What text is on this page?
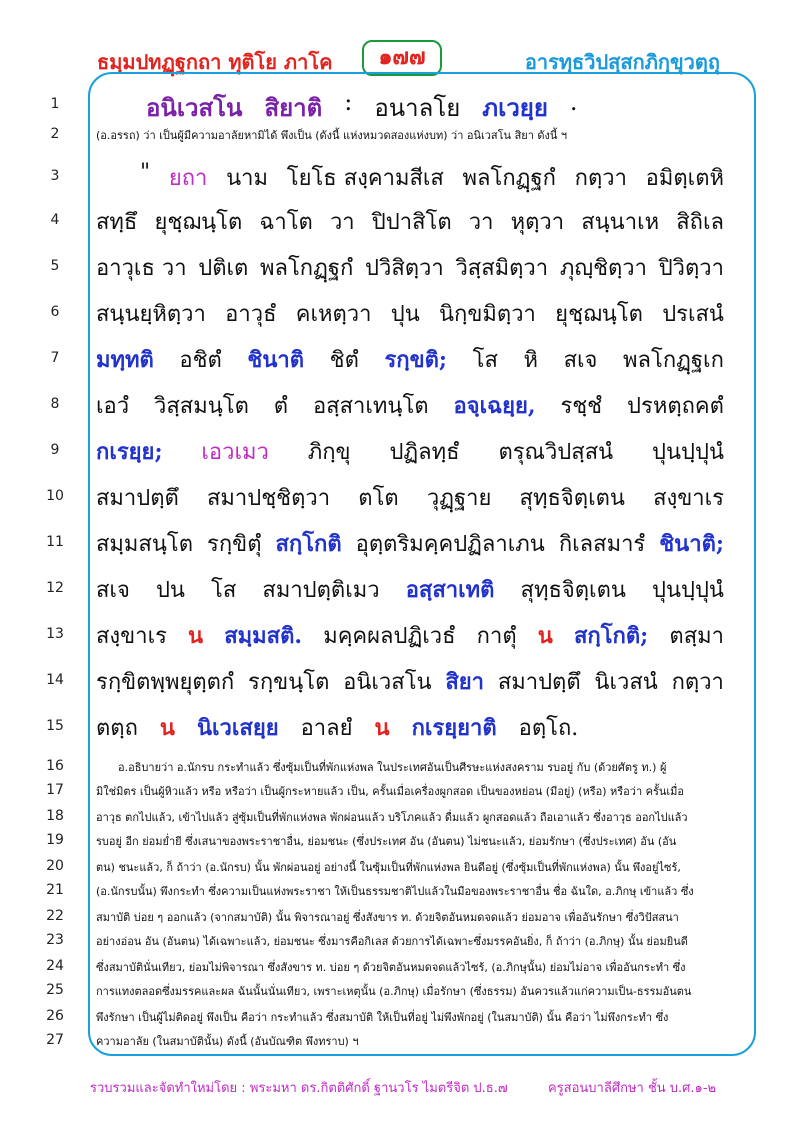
ธมฺมปทฏฺฐกถา ทุติโย ภาโค	๑๗๗	อารทฺธวิปสฺสกภิกฺขุวตฺถุ
1
2
3
4
5
6
7
8
9
10
11
12
13
14
15
16
17
18
19
20
21
22
23
24
25
26
27
อนิเวสโน สิยาติ : อนาลโย ภเวยฺย .
" ยถา นาม โยโธ สงฺคามสีเส พลโกฏฺฐกํ กตฺวา อมิตฺเตหิ
สทฺธึ ยุชฺฌนฺโต ฉาโต วา ปิปาสิโต วา หุตฺวา สนฺนาเห สิถิเล
อาวุเธ วา ปติเต พลโกฏฺฐกํ ปวิสิตฺวา วิสฺสมิตฺวา ภุญฺชิตฺวา ปิวิตฺวา
สนฺนยฺหิตฺวา อาวุธํ คเหตฺวา ปุน นิกฺขมิตฺวา ยุชฺฌนฺโต ปรเสนํ
มทฺทติ อชิตํ ชินาติ ชิตํ รกฺขติ; โส หิ สเจ พลโกฏฺฐเก
เอวํ วิสฺสมนฺโต ตํ อสฺสาเทนฺโต อจฺเฉยฺย, รชฺชํ ปรหตฺถคตํ
กเรยฺย; เอวเมว ภิกฺขุ ปฏิลทฺธํ ตรุณวิปสฺสนํ ปุนปฺปุนํ
สมาปตฺตึ สมาปชฺชิตฺวา ตโต วุฏฺฐาย สุทฺธจิตฺเตน สงฺขาเร
สมฺมสนฺโต รกฺขิตุํ สกฺโกติ อุตฺตริมคฺคปฏิลาเภน กิเลสมารํ ชินาติ;
สเจ ปน โส สมาปตฺติเมว อสฺสาเทติ สุทฺธจิตฺเตน ปุนปฺปุนํ
สงฺขาเร น สมฺมสติ. มคฺคผลปฏิเวธํ กาตุํ น สกฺโกติ; ตสฺมา
รกฺขิตพฺพยุตฺตกํ รกฺขนฺโต อนิเวสโน สิยา สมาปตฺตึ นิเวสนํ กตฺวา
ตตฺถ น นิเวเสยฺย อาลยํ น กเรยฺยาติ อตฺโถ.
(อ.อรรถ) ว่า เป็นผู้มีความอาลัยหามิได้ พึงเป็น (ดังนี้ แห่งหมวดสองแห่งบท) ว่า อนิเวสโน สิยา ดังนี้ ฯ
อ.อธิบายว่า อ.นักรบ กระทำแล้ว ซึ่งซุ้มเป็นที่พักแห่งพล ในประเทศอันเป็นศีรษะแห่งสงคราม รบอยู่ กับ (ด้วยศัตรู ท.) ผู้
มิใช่มิตร เป็นผู้หิวแล้ว หรือ หรือว่า เป็นผู้กระหายแล้ว เป็น, ครั้นเมื่อเครื่องผูกสอด เป็นของหย่อน (มีอยู่) (หรือ) หรือว่า ครั้นเมื่อ
อาวุธ ตกไปแล้ว, เข้าไปแล้ว สู่ซุ้มเป็นที่พักแห่งพล พักผ่อนแล้ว บริโภคแล้ว ดื่มแล้ว ผูกสอดแล้ว ถือเอาแล้ว ซึ่งอาวุธ ออกไปแล้ว
รบอยู่ อีก ย่อมย่ำยี ซึ่งเสนาของพระราชาอื่น, ย่อมชนะ (ซึ่งประเทศ อัน (อันตน) ไม่ชนะแล้ว, ย่อมรักษา (ซึ่งประเทศ) อัน (อัน
ตน) ชนะแล้ว, ก็ ถ้าว่า (อ.นักรบ) นั้น พักผ่อนอยู่ อย่างนี้ ในซุ้มเป็นที่พักแห่งพล ยินดีอยู่ (ซึ่งซุ้มเป็นที่พักแห่งพล) นั้น พึงอยู่ไซร้,
(อ.นักรบนั้น) พึงกระทำ ซึ่งความเป็นแห่งพระราชา ให้เป็นธรรมชาติไปแล้วในมือของพระราชาอื่น ชื่อ ฉันใด, อ.ภิกษุ เข้าแล้ว ซึ่ง
สมาบัติ บ่อย ๆ ออกแล้ว (จากสมาบัติ) นั้น พิจารณาอยู่ ซึ่งสังขาร ท. ด้วยจิตอันหมดจดแล้ว ย่อมอาจ เพื่ออันรักษา ซึ่งวิปัสสนา
อย่างอ่อน อัน (อันตน) ได้เฉพาะแล้ว, ย่อมชนะ ซึ่งมารคือกิเลส ด้วยการได้เฉพาะซึ่งมรรคอันยิ่ง, ก็ ถ้าว่า (อ.ภิกษุ) นั้น ย่อมยินดี
ซึ่งสมาบัตินั่นเทียว, ย่อมไม่พิจารณา ซึ่งสังขาร ท. บ่อย ๆ ด้วยจิตอันหมดจดแล้วไซร้, (อ.ภิกษุนั้น) ย่อมไม่อาจ เพื่ออันกระทำ ซึ่ง
การแทงตลอดซึ่งมรรคและผล ฉันนั้นนั่นเทียว, เพราะเหตุนั้น (อ.ภิกษุ) เมื่อรักษา (ซึ่งธรรม) อันควรแล้วแก่ความเป็น-ธรรมอันตน
พึงรักษา เป็นผู้ไม่ติดอยู่ พึงเป็น คือว่า กระทำแล้ว ซึ่งสมาบัติ ให้เป็นที่อยู่ ไม่พึงพักอยู่ (ในสมาบัติ) นั้น คือว่า ไม่พึงกระทำ ซึ่ง
ความอาลัย (ในสมาบัตินั้น) ดังนี้ (อันบัณฑิต พึงทราบ) ฯ
รวบรวมและจัดทำใหม่โดย : พระมหา ดร.กิตติศักดิ์ ฐานวโร ไมตรีจิต ป.ธ.๗	ครูสอนบาลีศึกษา ชั้น บ.ศ.๑-๒
